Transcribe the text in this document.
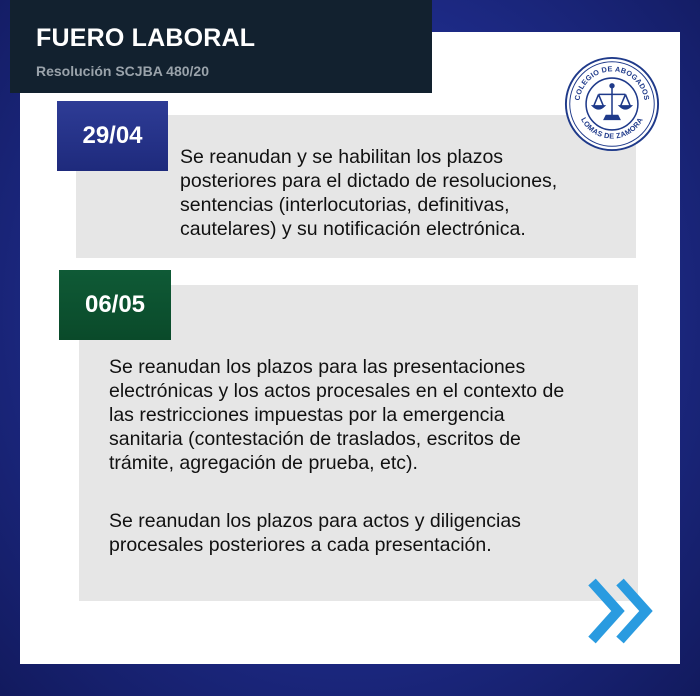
FUERO LABORAL
Resolución SCJBA 480/20
COLEGIO DE ABOGADOS
LOMAS DE ZAMORA
29/04
Se reanudan y se habilitan los plazos
posteriores para el dictado de resoluciones,
sentencias (interlocutorias, definitivas,
cautelares) y su notificación electrónica.
06/05
Se reanudan los plazos para las presentaciones
electrónicas y los actos procesales en el contexto de
las restricciones impuestas por la emergencia
sanitaria (contestación de traslados, escritos de
trámite, agregación de prueba, etc).
Se reanudan los plazos para actos y diligencias
procesales posteriores a cada presentación.
